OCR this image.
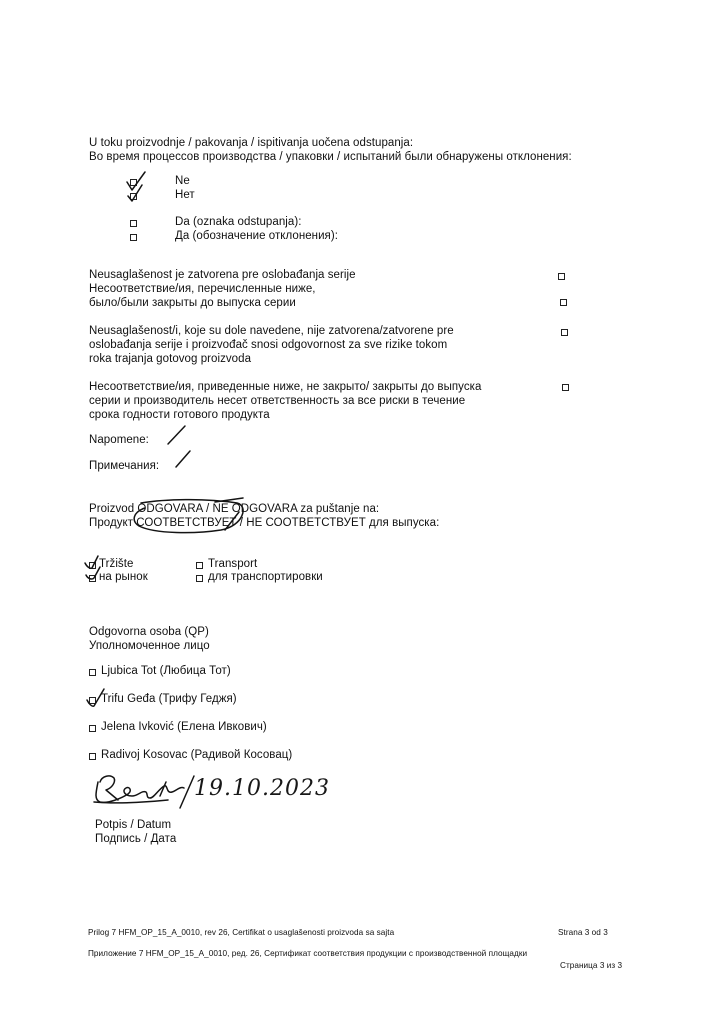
U toku proizvodnje / pakovanja / ispitivanja uočena odstupanja:
Во время процессов производства / упаковки / испытаний были обнаружены отклонения:
Ne
Нет
Da (oznaka odstupanja):
Да (обозначение отклонения):
Neusaglašenost je zatvorena pre oslobađanja serije
Несоответствие/ия, перечисленные ниже,
было/были закрыты до выпуска серии
Neusaglašenost/i, koje su dole navedene, nije zatvorena/zatvorene pre
oslobađanja serije i proizvođač snosi odgovornost za sve rizike tokom
roka trajanja gotovog proizvoda
Несоответствие/ия, приведенные ниже, не закрыто/ закрыты до выпуска
серии и производитель несет ответственность за все риски в течение
срока годности готового продукта
Napomene:
Примечания:
Proizvod ODGOVARA / NE ODGOVARA za puštanje na:
Продукт СООТВЕТСТВУЕТ / НЕ СООТВЕТСТВУЕТ для выпуска:
Tržište
на рынок
Transport
для транспортировки
Odgovorna osoba (QP)
Уполномоченное лицо
Ljubica Tot (Любица Тот)
Trifu Geđa (Трифу Геджя)
Jelena Ivković (Елена Ивкович)
Radivoj Kosovac (Радивой Косовац)
19.10.2023
Potpis / Datum
Подпись / Дата
Prilog 7 HFM_OP_15_A_0010, rev 26, Certifikat o usaglašenosti proizvoda sa sajta	Strana 3 od 3
Приложение 7 HFM_OP_15_A_0010, ред. 26, Сертификат соответствия продукции с производственной площадки
Страница 3 из 3
